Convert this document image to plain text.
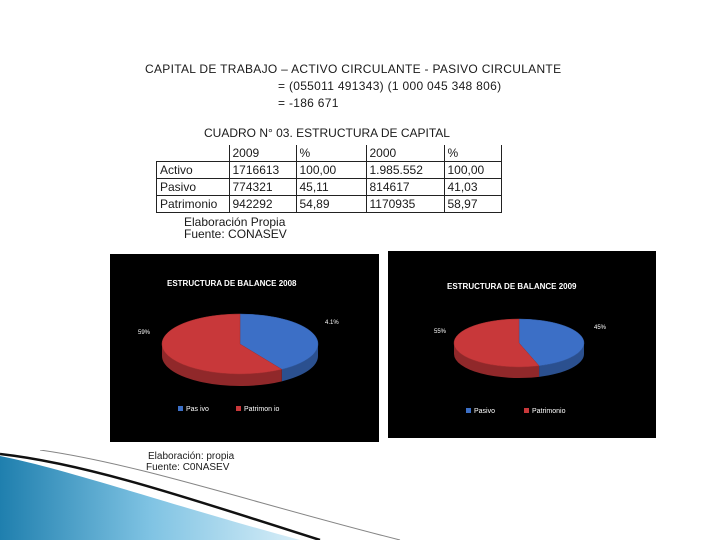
CAPITAL DE TRABAJO – ACTIVO CIRCULANTE - PASIVO CIRCULANTE
= (055011 491343) (1 000 045 348 806)
= -186 671
CUADRO N° 03. ESTRUCTURA DE CAPITAL
	2009	%	2000	%
Activo	1716613	100,00	1.985.552	100,00
Pasivo	774321	45,11	814617	41,03
Patrimonio	942292	54,89	1170935	58,97
Elaboración Propia
Fuente: CONASEV
ESTRUCTURA DE BALANCE 2008
4.1%
59%
Pas ivo	Patrimon io
ESTRUCTURA DE BALANCE 2009
45%
55%
Pasivo	Patrimonio
Elaboración: propia
Fuente: C0NASEV
